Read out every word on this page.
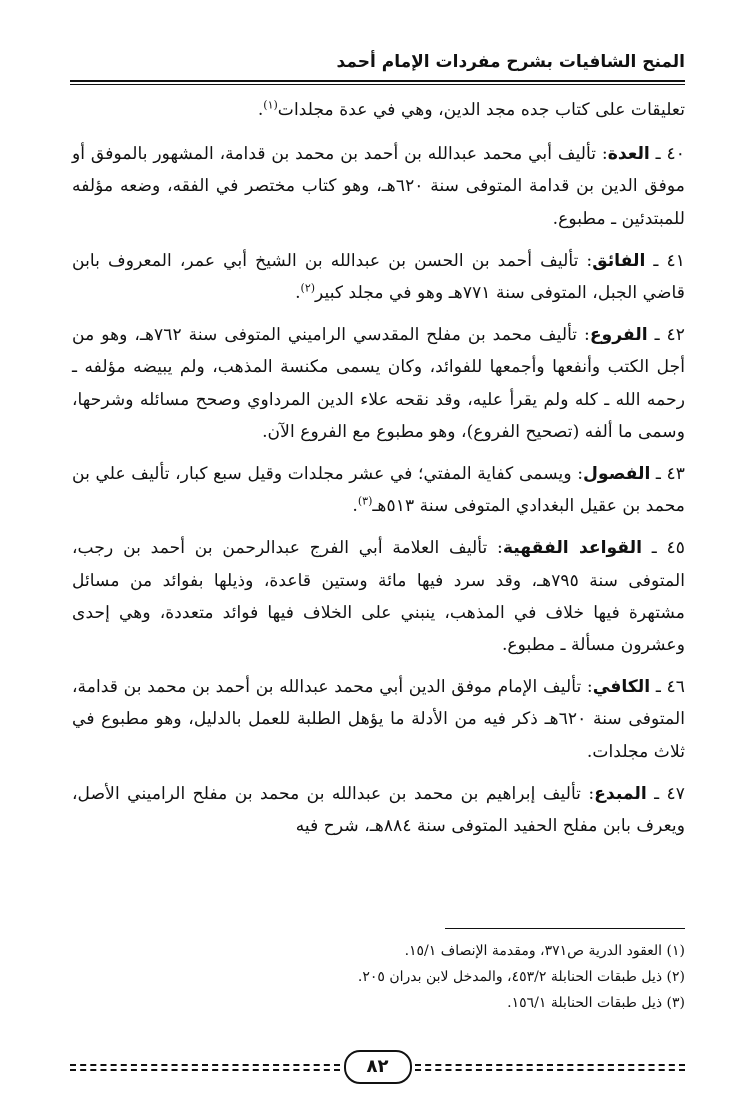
المنح الشافيات بشرح مفردات الإمام أحمد

تعليقات على كتاب جده مجد الدين، وهي في عدة مجلدات$^{(١)}$.

٤٠ ـ العدة: تأليف أبي محمد عبدالله بن أحمد بن محمد بن قدامة، المشهور بالموفق أو موفق الدين بن قدامة المتوفى سنة ٦٢٠هـ، وهو كتاب مختصر في الفقه، وضعه مؤلفه للمبتدئين ـ مطبوع.

٤١ ـ الفائق: تأليف أحمد بن الحسن بن عبدالله بن الشيخ أبي عمر، المعروف بابن قاضي الجبل، المتوفى سنة ٧٧١هـ وهو في مجلد كبير$^{(٢)}$.

٤٢ ـ الفروع: تأليف محمد بن مفلح المقدسي الراميني المتوفى سنة ٧٦٢هـ، وهو من أجل الكتب وأنفعها وأجمعها للفوائد، وكان يسمى مكنسة المذهب، ولم يبيضه مؤلفه ـ رحمه الله ـ كله ولم يقرأ عليه، وقد نقحه علاء الدين المرداوي وصحح مسائله وشرحها، وسمى ما ألفه (تصحيح الفروع)، وهو مطبوع مع الفروع الآن.

٤٣ ـ الفصول: ويسمى كفاية المفتي؛ في عشر مجلدات وقيل سبع كبار، تأليف علي بن محمد بن عقيل البغدادي المتوفى سنة ٥١٣هـ$^{(٣)}$.

٤٥ ـ القواعد الفقهية: تأليف العلامة أبي الفرج عبدالرحمن بن أحمد بن رجب، المتوفى سنة ٧٩٥هـ، وقد سرد فيها مائة وستين قاعدة، وذيلها بفوائد من مسائل مشتهرة فيها خلاف في المذهب، ينبني على الخلاف فيها فوائد متعددة، وهي إحدى وعشرون مسألة ـ مطبوع.

٤٦ ـ الكافي: تأليف الإمام موفق الدين أبي محمد عبدالله بن أحمد بن محمد بن قدامة، المتوفى سنة ٦٢٠هـ ذكر فيه من الأدلة ما يؤهل الطلبة للعمل بالدليل، وهو مطبوع في ثلاث مجلدات.

٤٧ ـ المبدع: تأليف إبراهيم بن محمد بن عبدالله بن محمد بن مفلح الراميني الأصل، ويعرف بابن مفلح الحفيد المتوفى سنة ٨٨٤هـ، شرح فيه

(١) العقود الدرية ص٣٧١، ومقدمة الإنصاف ١٥/١.
(٢) ذيل طبقات الحنابلة ٤٥٣/٢، والمدخل لابن بدران ٢٠٥.
(٣) ذيل طبقات الحنابلة ١٥٦/١.
٨٢
